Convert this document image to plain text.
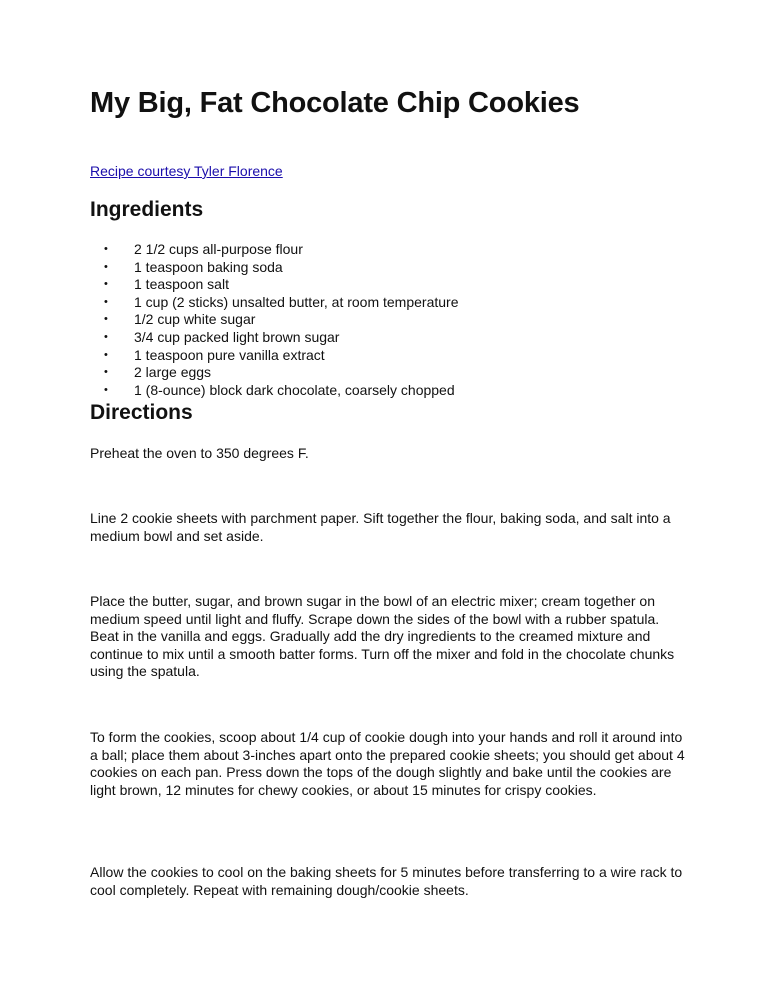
My Big, Fat Chocolate Chip Cookies
Recipe courtesy Tyler Florence
Ingredients
• 2 1/2 cups all-purpose flour
• 1 teaspoon baking soda
• 1 teaspoon salt
• 1 cup (2 sticks) unsalted butter, at room temperature
• 1/2 cup white sugar
• 3/4 cup packed light brown sugar
• 1 teaspoon pure vanilla extract
• 2 large eggs
• 1 (8-ounce) block dark chocolate, coarsely chopped
Directions

Preheat the oven to 350 degrees F.

Line 2 cookie sheets with parchment paper. Sift together the flour, baking soda, and salt into a medium bowl and set aside.

Place the butter, sugar, and brown sugar in the bowl of an electric mixer; cream together on medium speed until light and fluffy. Scrape down the sides of the bowl with a rubber spatula. Beat in the vanilla and eggs. Gradually add the dry ingredients to the creamed mixture and continue to mix until a smooth batter forms. Turn off the mixer and fold in the chocolate chunks using the spatula.

To form the cookies, scoop about 1/4 cup of cookie dough into your hands and roll it around into a ball; place them about 3-inches apart onto the prepared cookie sheets; you should get about 4 cookies on each pan. Press down the tops of the dough slightly and bake until the cookies are light brown, 12 minutes for chewy cookies, or about 15 minutes for crispy cookies.

Allow the cookies to cool on the baking sheets for 5 minutes before transferring to a wire rack to cool completely. Repeat with remaining dough/cookie sheets.
